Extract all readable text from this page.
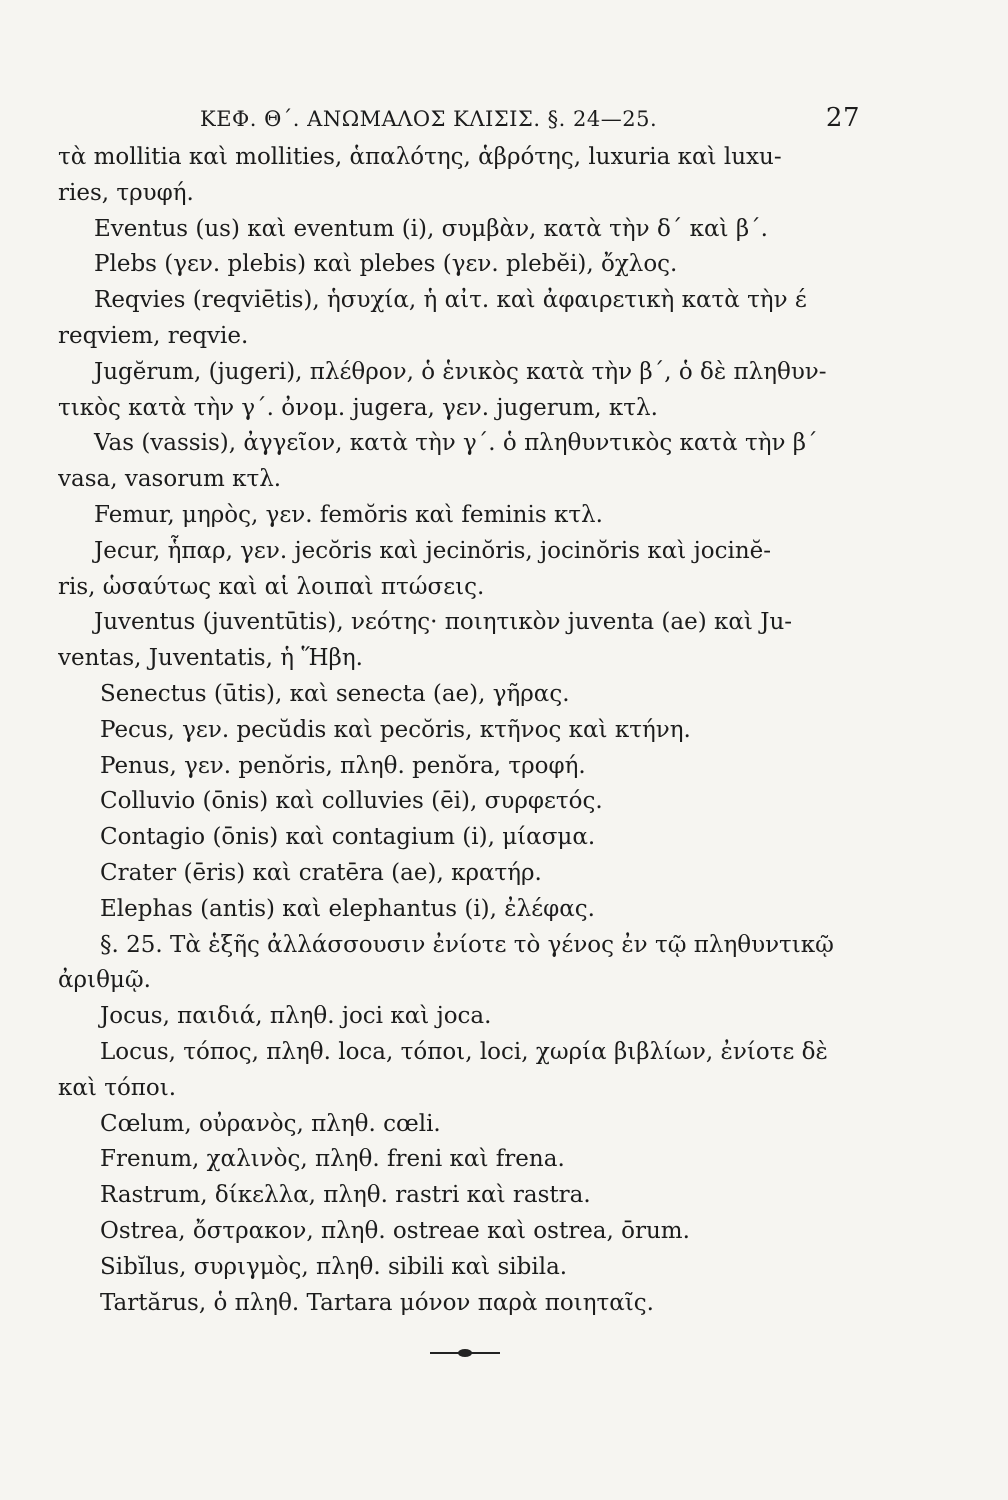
ΚΕΦ. Θ΄. ΑΝΩΜΑΛΟΣ ΚΛΙΣΙΣ. §. 24—25.	27
τὰ mollitia καὶ mollities, ἁπαλότης, ἁβρότης, luxuria καὶ luxu-
ries, τρυφή.
Eventus (us) καὶ eventum (i), συμβὰν, κατὰ τὴν δ΄ καὶ β΄.
Plebs (γεν. plebis) καὶ plebes (γεν. plebĕi), ὄχλος.
Reqvies (reqviētis), ἡσυχία, ἡ αἰτ. καὶ ἀφαιρετικὴ κατὰ τὴν έ
reqviem, reqvie.
Jugĕrum, (jugeri), πλέθρον, ὁ ἑνικὸς κατὰ τὴν β΄, ὁ δὲ πληθυν-
τικὸς κατὰ τὴν γ΄. ὀνομ. jugera, γεν. jugerum, κτλ.
Vas (vassis), ἀγγεῖον, κατὰ τὴν γ΄. ὁ πληθυντικὸς κατὰ τὴν β΄
vasa, vasorum κτλ.
Femur, μηρὸς, γεν. femŏris καὶ feminis κτλ.
Jecur, ἧπαρ, γεν. jecŏris καὶ jecinŏris, jocinŏris καὶ jocinĕ-
ris, ὡσαύτως καὶ αἱ λοιπαὶ πτώσεις.
Juventus (juventūtis), νεότης· ποιητικὸν juventa (ae) καὶ Ju-
ventas, Juventatis, ἡ Ἥβη.
Senectus (ūtis), καὶ senecta (ae), γῆρας.
Pecus, γεν. pecŭdis καὶ pecŏris, κτῆνος καὶ κτήνη.
Penus, γεν. penŏris, πληθ. penŏra, τροφή.
Colluvio (ōnis) καὶ colluvies (ēi), συρφετός.
Contagio (ōnis) καὶ contagium (i), μίασμα.
Crater (ēris) καὶ cratēra (ae), κρατήρ.
Elephas (antis) καὶ elephantus (i), ἐλέφας.
§. 25. Τὰ ἑξῆς ἀλλάσσουσιν ἐνίοτε τὸ γένος ἐν τῷ πληθυντικῷ
ἀριθμῷ.
Jocus, παιδιά, πληθ. joci καὶ joca.
Locus, τόπος, πληθ. loca, τόποι, loci, χωρία βιβλίων, ἐνίοτε δὲ
καὶ τόποι.
Cœlum, οὐρανὸς, πληθ. cœli.
Frenum, χαλινὸς, πληθ. freni καὶ frena.
Rastrum, δίκελλα, πληθ. rastri καὶ rastra.
Ostrea, ὄστρακον, πληθ. ostreae καὶ ostrea, ōrum.
Sibĭlus, συριγμὸς, πληθ. sibili καὶ sibila.
Tartărus, ὁ πληθ. Tartara μόνον παρὰ ποιηταῖς.
